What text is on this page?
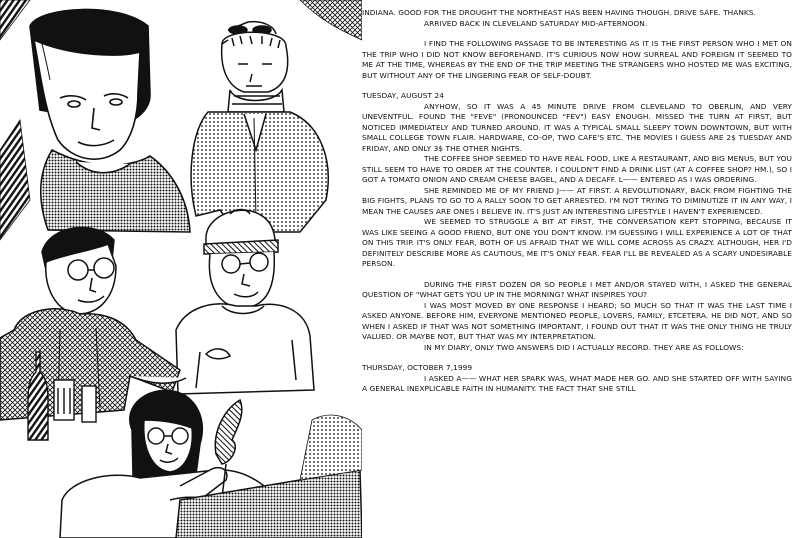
INDIANA. GOOD FOR THE DROUGHT THE NORTHEAST HAS BEEN HAVING THOUGH. DRIVE SAFE. THANKS.

ARRIVED BACK IN CLEVELAND SATURDAY MID-AFTERNOON.

I FIND THE FOLLOWING PASSAGE TO BE INTERESTING AS IT IS THE FIRST PERSON WHO I MET ON THE TRIP WHO I DID NOT KNOW BEFOREHAND. IT'S CURIOUS NOW HOW SURREAL AND FOREIGN IT SEEMED TO ME AT THE TIME, WHEREAS BY THE END OF THE TRIP MEETING THE STRANGERS WHO HOSTED ME WAS EXCITING, BUT WITHOUT ANY OF THE LINGERING FEAR OF SELF-DOUBT.

TUESDAY, AUGUST 24

ANYHOW, SO IT WAS A 45 MINUTE DRIVE FROM CLEVELAND TO OBERLIN, AND VERY UNEVENTFUL. FOUND THE "FEVE" (PRONOUNCED "FEV") EASY ENOUGH. MISSED THE TURN AT FIRST, BUT NOTICED IMMEDIATELY AND TURNED AROUND. IT WAS A TYPICAL SMALL SLEEPY TOWN DOWNTOWN, BUT WITH SMALL COLLEGE TOWN FLAIR. HARDWARE, CO-OP, TWO CAFE'S ETC. THE MOVIES I GUESS ARE 2$ TUESDAY AND FRIDAY, AND ONLY 3$ THE OTHER NIGHTS.

THE COFFEE SHOP SEEMED TO HAVE REAL FOOD, LIKE A RESTAURANT, AND BIG MENUS, BUT YOU STILL SEEM TO HAVE TO ORDER AT THE COUNTER. I COULDN'T FIND A DRINK LIST (AT A COFFEE SHOP? HM.), SO I GOT A TOMATO ONION AND CREAM CHEESE BAGEL, AND A DECAFF. L—— ENTERED AS I WAS ORDERING.

SHE REMINDED ME OF MY FRIEND J—— AT FIRST. A REVOLUTIONARY, BACK FROM FIGHTING THE BIG FIGHTS, PLANS TO GO TO A RALLY SOON TO GET ARRESTED. I'M NOT TRYING TO DIMINUTIZE IT IN ANY WAY, I MEAN THE CAUSES ARE ONES I BELIEVE IN. IT'S JUST AN INTERESTING LIFESTYLE I HAVEN'T EXPERIENCED.

WE SEEMED TO STRUGGLE A BIT AT FIRST, THE CONVERSATION KEPT STOPPING, BECAUSE IT WAS LIKE SEEING A GOOD FRIEND, BUT ONE YOU DON'T KNOW. I'M GUESSING I WILL EXPERIENCE A LOT OF THAT ON THIS TRIP. IT'S ONLY FEAR, BOTH OF US AFRAID THAT WE WILL COME ACROSS AS CRAZY. ALTHOUGH, HER I'D DEFINITELY DESCRIBE MORE AS CAUTIOUS, ME IT'S ONLY FEAR. FEAR I'LL BE REVEALED AS A SCARY UNDESIRABLE PERSON.

DURING THE FIRST DOZEN OR SO PEOPLE I MET AND/OR STAYED WITH, I ASKED THE GENERAL QUESTION OF "WHAT GETS YOU UP IN THE MORNING? WHAT INSPIRES YOU?

I WAS MOST MOVED BY ONE RESPONSE I HEARD; SO MUCH SO THAT IT WAS THE LAST TIME I ASKED ANYONE. BEFORE HIM, EVERYONE MENTIONED PEOPLE, LOVERS, FAMILY, ETCETERA. HE DID NOT, AND SO WHEN I ASKED IF THAT WAS NOT SOMETHING IMPORTANT, I FOUND OUT THAT IT WAS THE ONLY THING HE TRULY VALUED. OR MAYBE NOT, BUT THAT WAS MY INTERPRETATION.

IN MY DIARY, ONLY TWO ANSWERS DID I ACTUALLY RECORD. THEY ARE AS FOLLOWS:

THURSDAY, OCTOBER 7,1999

I ASKED A—— WHAT HER SPARK WAS, WHAT MADE HER GO. AND SHE STARTED OFF WITH SAYING A GENERAL INEXPLICABLE FAITH IN HUMANITY. THE FACT THAT SHE STILL
